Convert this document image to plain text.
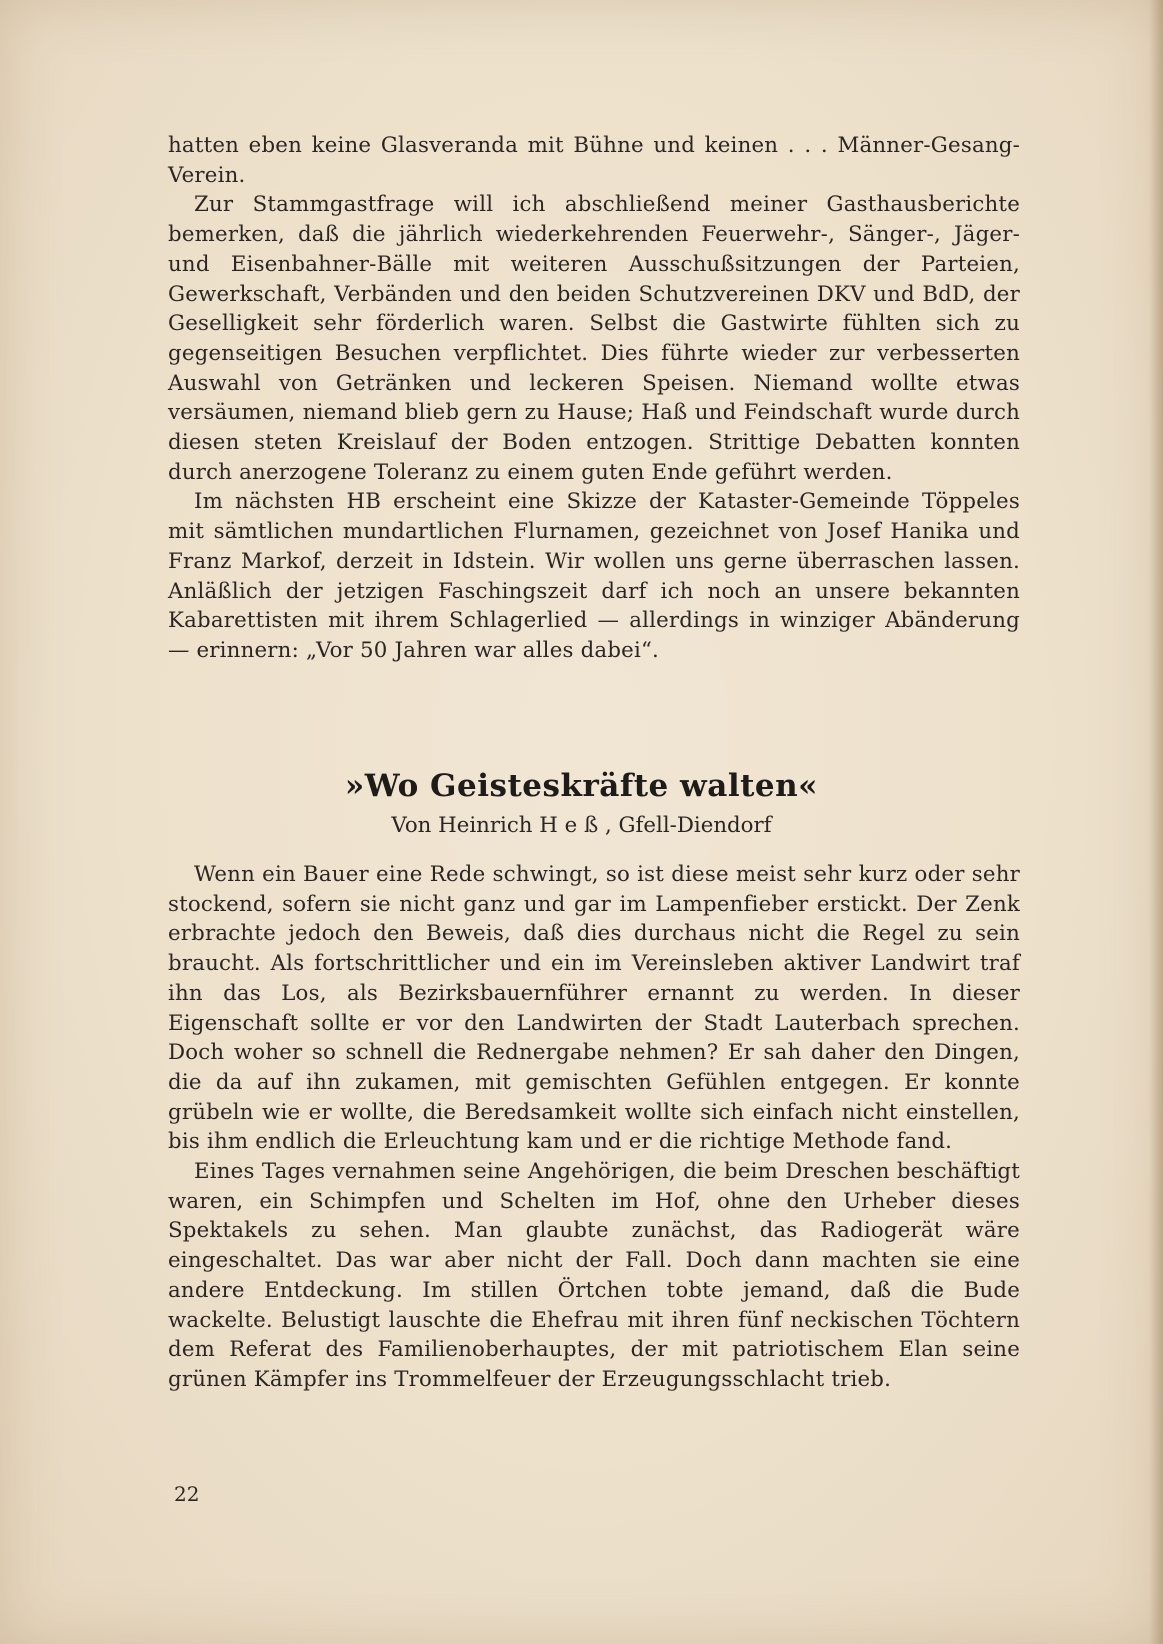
hatten eben keine Glasveranda mit Bühne und keinen . . . Männer-Gesang-Verein.

Zur Stammgastfrage will ich abschließend meiner Gasthausberichte bemerken, daß die jährlich wiederkehrenden Feuerwehr-, Sänger-, Jäger- und Eisenbahner-Bälle mit weiteren Ausschußsitzungen der Parteien, Gewerkschaft, Verbänden und den beiden Schutzvereinen DKV und BdD, der Geselligkeit sehr förderlich waren. Selbst die Gastwirte fühlten sich zu gegenseitigen Besuchen verpflichtet. Dies führte wieder zur verbesserten Auswahl von Getränken und leckeren Speisen. Niemand wollte etwas versäumen, niemand blieb gern zu Hause; Haß und Feindschaft wurde durch diesen steten Kreislauf der Boden entzogen. Strittige Debatten konnten durch anerzogene Toleranz zu einem guten Ende geführt werden.

Im nächsten HB erscheint eine Skizze der Kataster-Gemeinde Töppeles mit sämtlichen mundartlichen Flurnamen, gezeichnet von Josef Hanika und Franz Markof, derzeit in Idstein. Wir wollen uns gerne überraschen lassen. Anläßlich der jetzigen Faschingszeit darf ich noch an unsere bekannten Kabarettisten mit ihrem Schlagerlied — allerdings in winziger Abänderung — erinnern: „Vor 50 Jahren war alles dabei“.

»Wo Geisteskräfte walten«
Von Heinrich H e ß , Gfell-Diendorf

Wenn ein Bauer eine Rede schwingt, so ist diese meist sehr kurz oder sehr stockend, sofern sie nicht ganz und gar im Lampenfieber erstickt. Der Zenk erbrachte jedoch den Beweis, daß dies durchaus nicht die Regel zu sein braucht. Als fortschrittlicher und ein im Vereinsleben aktiver Landwirt traf ihn das Los, als Bezirksbauernführer ernannt zu werden. In dieser Eigenschaft sollte er vor den Landwirten der Stadt Lauterbach sprechen. Doch woher so schnell die Rednergabe nehmen? Er sah daher den Dingen, die da auf ihn zukamen, mit gemischten Gefühlen entgegen. Er konnte grübeln wie er wollte, die Beredsamkeit wollte sich einfach nicht einstellen, bis ihm endlich die Erleuchtung kam und er die richtige Methode fand.

Eines Tages vernahmen seine Angehörigen, die beim Dreschen beschäftigt waren, ein Schimpfen und Schelten im Hof, ohne den Urheber dieses Spektakels zu sehen. Man glaubte zunächst, das Radiogerät wäre eingeschaltet. Das war aber nicht der Fall. Doch dann machten sie eine andere Entdeckung. Im stillen Örtchen tobte jemand, daß die Bude wackelte. Belustigt lauschte die Ehefrau mit ihren fünf neckischen Töchtern dem Referat des Familienoberhauptes, der mit patriotischem Elan seine grünen Kämpfer ins Trommelfeuer der Erzeugungsschlacht trieb.

22
